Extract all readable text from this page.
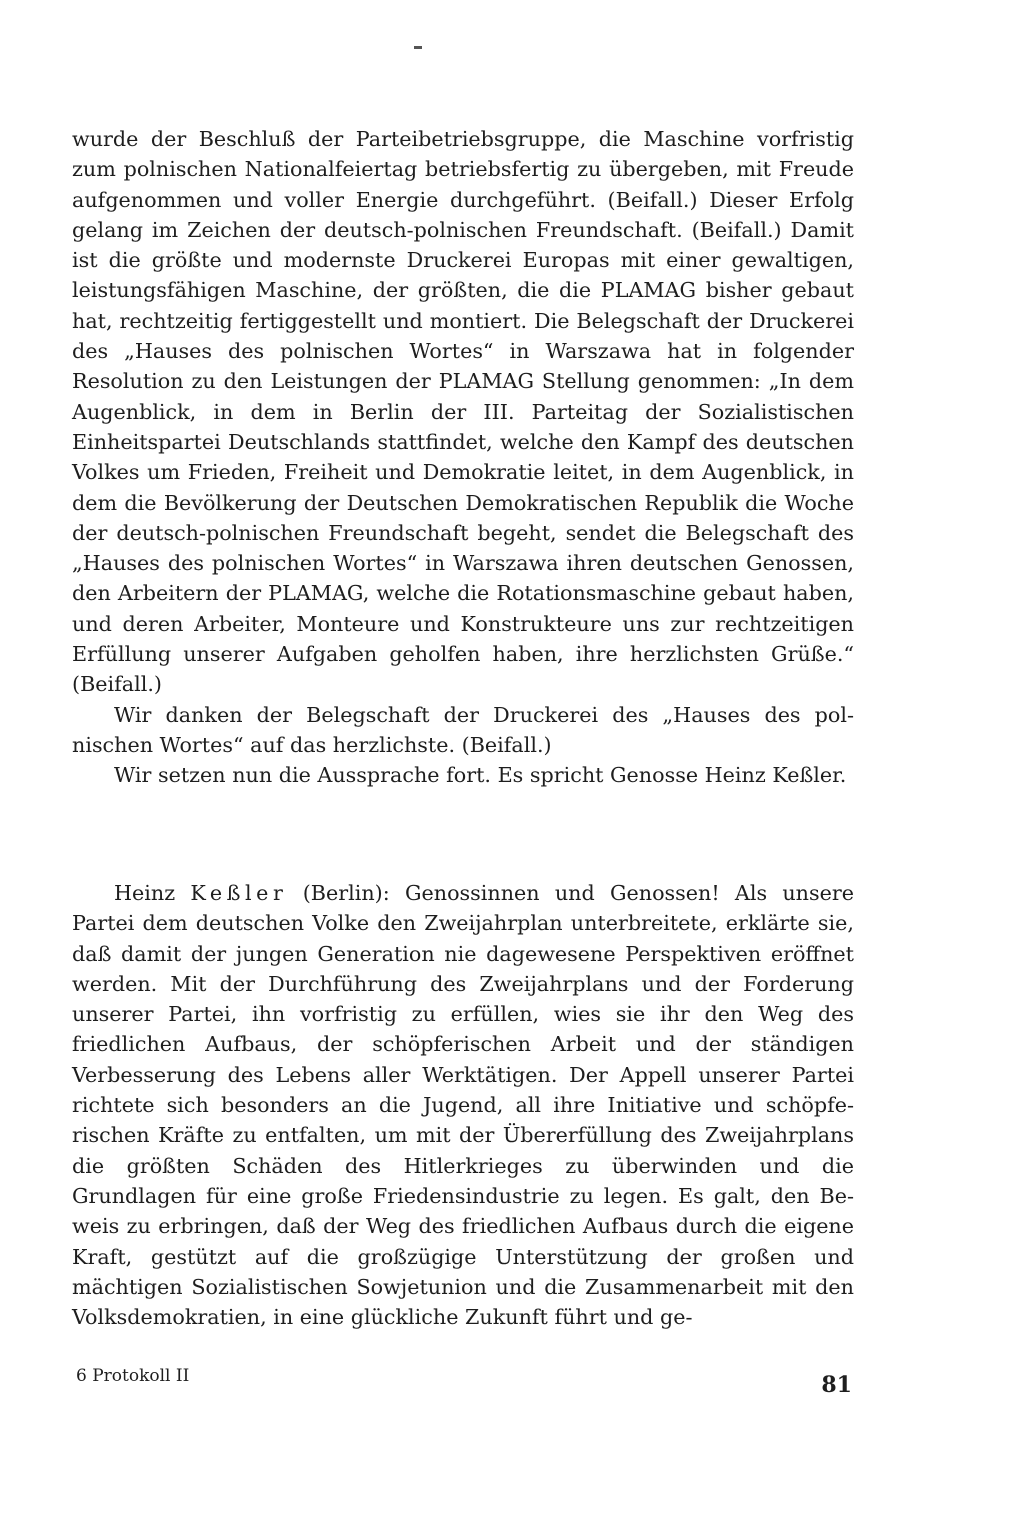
wurde der Beschluß der Parteibetriebsgruppe, die Maschine vorfristig zum polnischen Nationalfeiertag betriebsfertig zu übergeben, mit Freude aufgenommen und voller Energie durchgeführt. (Beifall.) Dieser Erfolg gelang im Zeichen der deutsch-polnischen Freundschaft. (Beifall.) Damit ist die größte und modernste Druckerei Europas mit einer gewaltigen, leistungsfähigen Maschine, der größten, die die PLAMAG bisher gebaut hat, rechtzeitig fertiggestellt und montiert. Die Belegschaft der Druckerei des „Hauses des polnischen Wortes“ in Warszawa hat in folgender Resolution zu den Leistungen der PLAMAG Stellung genommen: „In dem Augenblick, in dem in Berlin der III. Parteitag der Sozialistischen Einheitspartei Deutschlands stattfindet, welche den Kampf des deutschen Volkes um Frieden, Freiheit und Demokratie leitet, in dem Augenblick, in dem die Bevölkerung der Deutschen Demokratischen Republik die Woche der deutsch-polnischen Freundschaft begeht, sendet die Belegschaft des „Hauses des polnischen Wortes“ in Warszawa ihren deutschen Genossen, den Arbeitern der PLAMAG, welche die Rotationsmaschine gebaut haben, und deren Arbeiter, Monteure und Konstrukteure uns zur rechtzeitigen Erfüllung unserer Aufgaben geholfen haben, ihre herzlichsten Grüße.“ (Beifall.)

Wir danken der Belegschaft der Druckerei des „Hauses des polnischen Wortes“ auf das herzlichste. (Beifall.)

Wir setzen nun die Aussprache fort. Es spricht Genosse Heinz Keßler.

Heinz Keßler (Berlin): Genossinnen und Genossen! Als unsere Partei dem deutschen Volke den Zweijahrplan unterbreitete, erklärte sie, daß damit der jungen Generation nie dagewesene Perspektiven eröffnet werden. Mit der Durchführung des Zweijahrplans und der Forderung unserer Partei, ihn vorfristig zu erfüllen, wies sie ihr den Weg des friedlichen Aufbaus, der schöpferischen Arbeit und der ständigen Verbesserung des Lebens aller Werktätigen. Der Appell unserer Partei richtete sich besonders an die Jugend, all ihre Initiative und schöpferischen Kräfte zu entfalten, um mit der Übererfüllung des Zweijahrplans die größten Schäden des Hitlerkrieges zu überwinden und die Grundlagen für eine große Friedensindustrie zu legen. Es galt, den Beweis zu erbringen, daß der Weg des friedlichen Aufbaus durch die eigene Kraft, gestützt auf die großzügige Unterstützung der großen und mächtigen Sozialistischen Sowjetunion und die Zusammenarbeit mit den Volksdemokratien, in eine glückliche Zukunft führt und ge-

6 Protokoll II	81
